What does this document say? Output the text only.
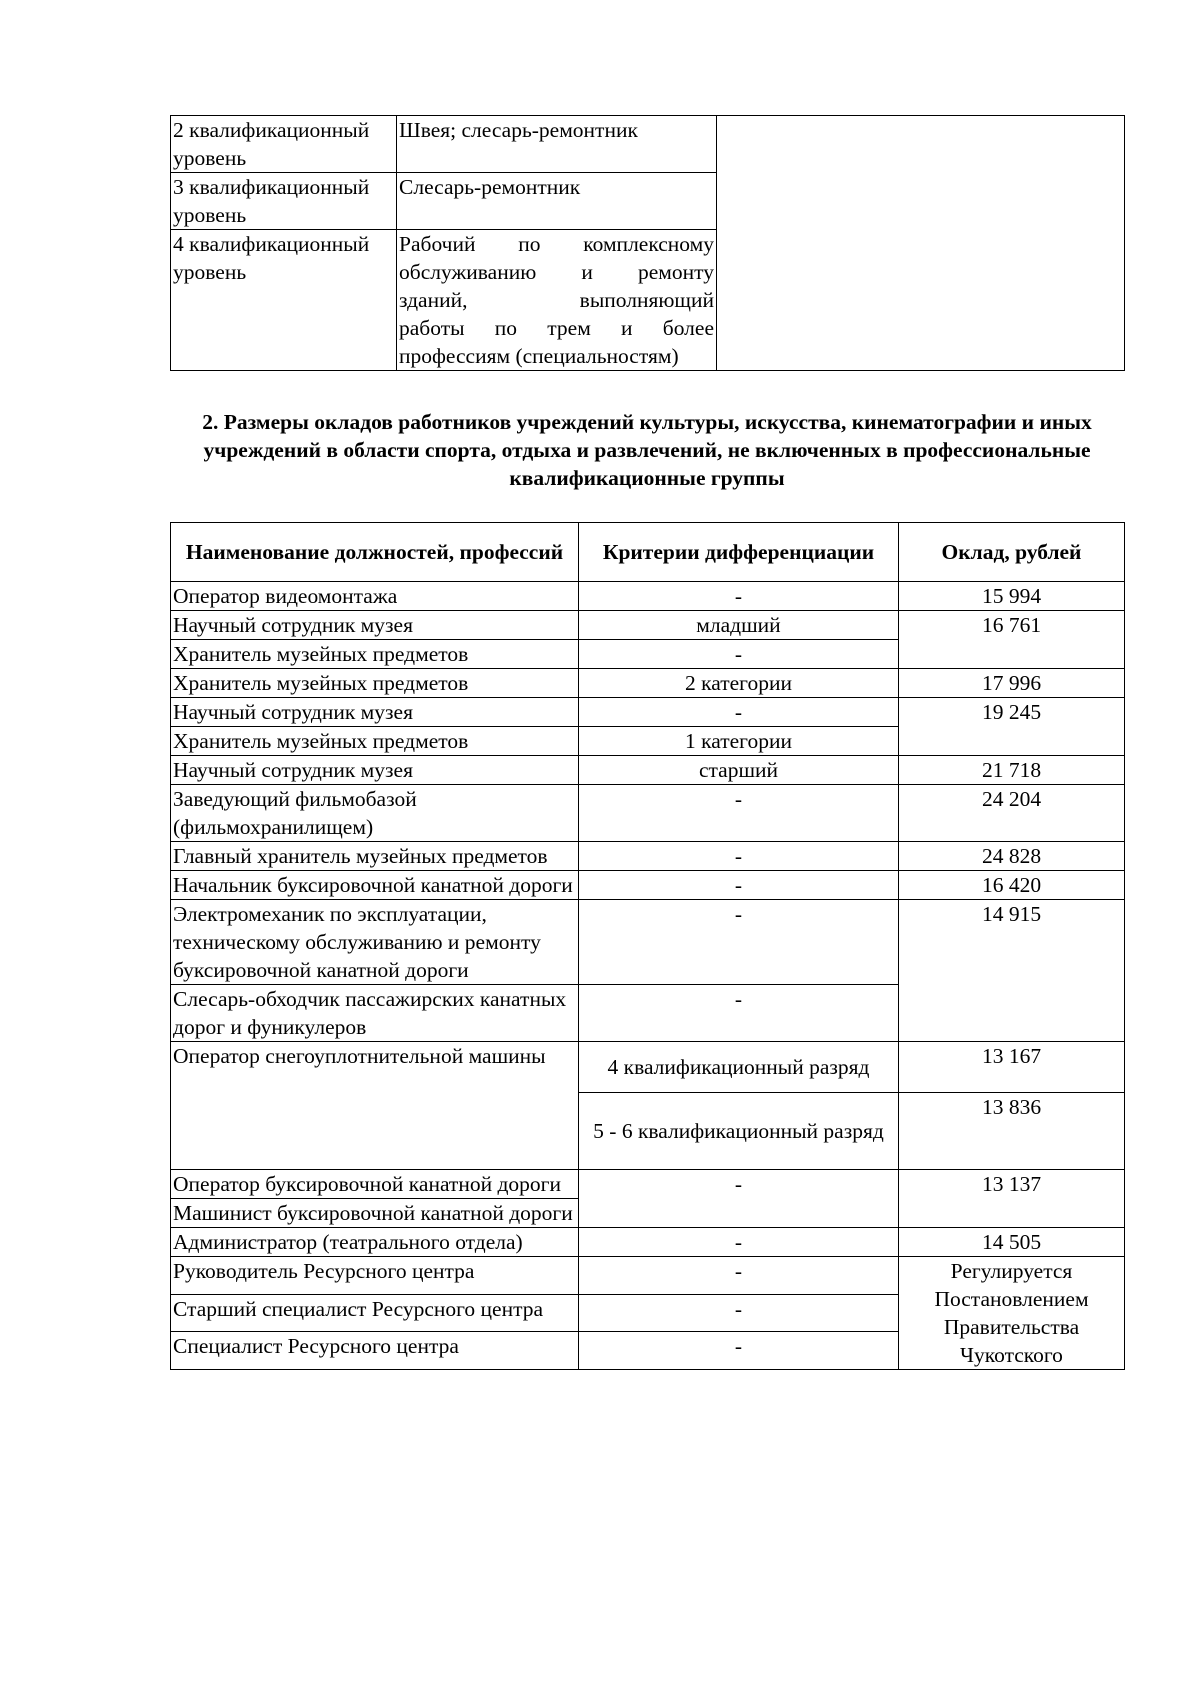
2 квалификационный уровень	Швея; слесарь-ремонтник	
3 квалификационный уровень	Слесарь-ремонтник	
4 квалификационный уровень	Рабочий по комплексному
обслуживанию и ремонту
зданий, выполняющий
работы по трем и более
профессиям (специальностям)	
2. Размеры окладов работников учреждений культуры, искусства, кинематографии и иных учреждений в области спорта, отдыха и развлечений, не включенных в профессиональные квалификационные группы
Наименование должностей, профессий	Критерии дифференциации	Оклад, рублей
Оператор видеомонтажа	-	15 994
Научный сотрудник музея	младший	16 761
Хранитель музейных предметов	-	
Хранитель музейных предметов	2 категории	17 996
Научный сотрудник музея	-	19 245
Хранитель музейных предметов	1 категории	
Научный сотрудник музея	старший	21 718
Заведующий фильмобазой (фильмохранилищем)	-	24 204
Главный хранитель музейных предметов	-	24 828
Начальник буксировочной канатной дороги	-	16 420
Электромеханик по эксплуатации, техническому обслуживанию и ремонту буксировочной канатной дороги	-	14 915
Слесарь-обходчик пассажирских канатных дорог и фуникулеров	-	
Оператор снегоуплотнительной машины	4 квалификационный разряд	13 167
	5 - 6 квалификационный разряд	13 836
Оператор буксировочной канатной дороги	-	13 137
Машинист буксировочной канатной дороги		
Администратор (театрального отдела)	-	14 505
Руководитель Ресурсного центра	-	Регулируется Постановлением Правительства Чукотского
Старший специалист Ресурсного центра	-	
Специалист Ресурсного центра	-	
